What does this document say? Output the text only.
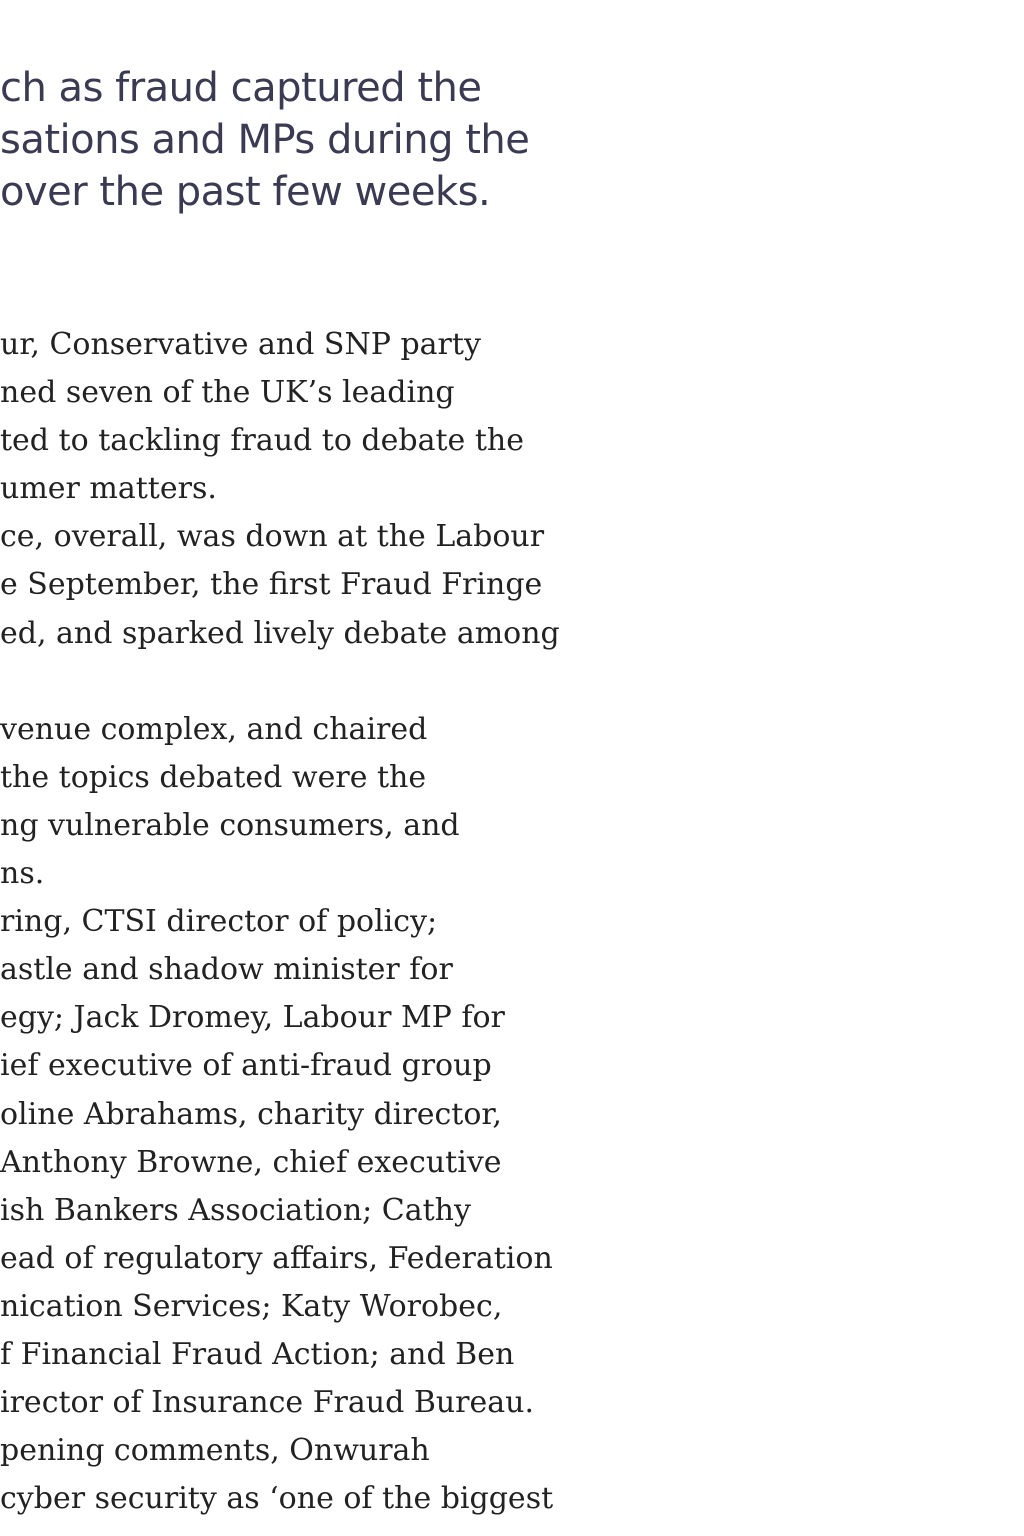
ch as fraud captured the
sations and MPs during the
over the past few weeks.
ur, Conservative and SNP party
ned seven of the UK’s leading
ted to tackling fraud to debate the
umer matters.
ce, overall, was down at the Labour
e September, the first Fraud Fringe
ed, and sparked lively debate among

venue complex, and chaired
the topics debated were the
ng vulnerable consumers, and
ns.
ring, CTSI director of policy;
astle and shadow minister for
egy; Jack Dromey, Labour MP for
ief executive of anti-fraud group
oline Abrahams, charity director,
Anthony Browne, chief executive
ish Bankers Association; Cathy
ead of regulatory affairs, Federation
nication Services; Katy Worobec,
f Financial Fraud Action; and Ben
irector of Insurance Fraud Bureau.
pening comments, Onwurah
cyber security as ‘one of the biggest
